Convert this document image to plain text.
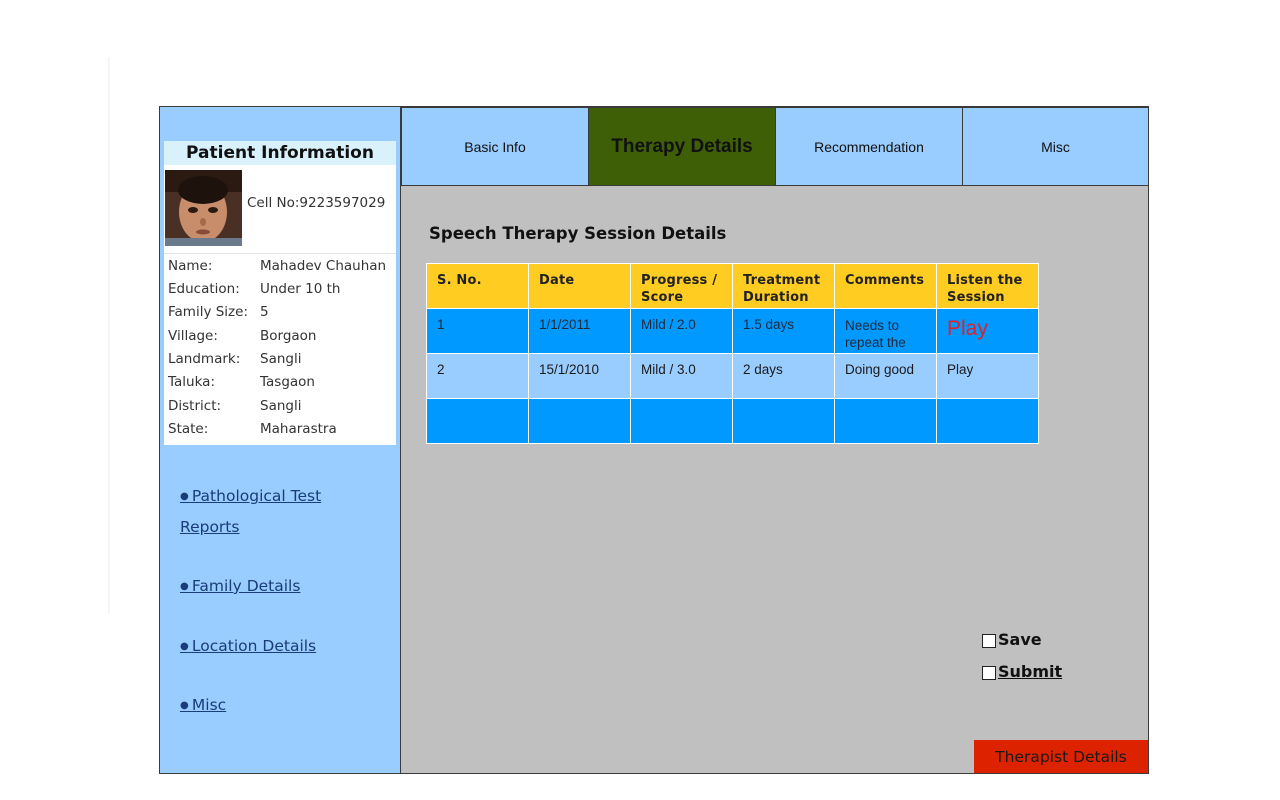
Patient Information
Cell No:9223597029
Name:	Mahadev Chauhan
Education: Under 10 th
Family Size: 5
Village:	Borgaon
Landmark: Sangli
Taluka:	Tasgaon
District:	Sangli
State:	Maharastra
● Pathological Test Reports
● Family Details
● Location Details
● Misc
Basic Info	Therapy Details	Recommendation	Misc
Speech Therapy Session Details
S. No.	Date	Progress / Score	Treatment Duration	Comments	Listen the Session
1	1/1/2011	Mild / 2.0	1.5 days	Needs to repeat the	Play
2	15/1/2010	Mild / 3.0	2 days	Doing good	Play

Save
Submit
Therapist Details
